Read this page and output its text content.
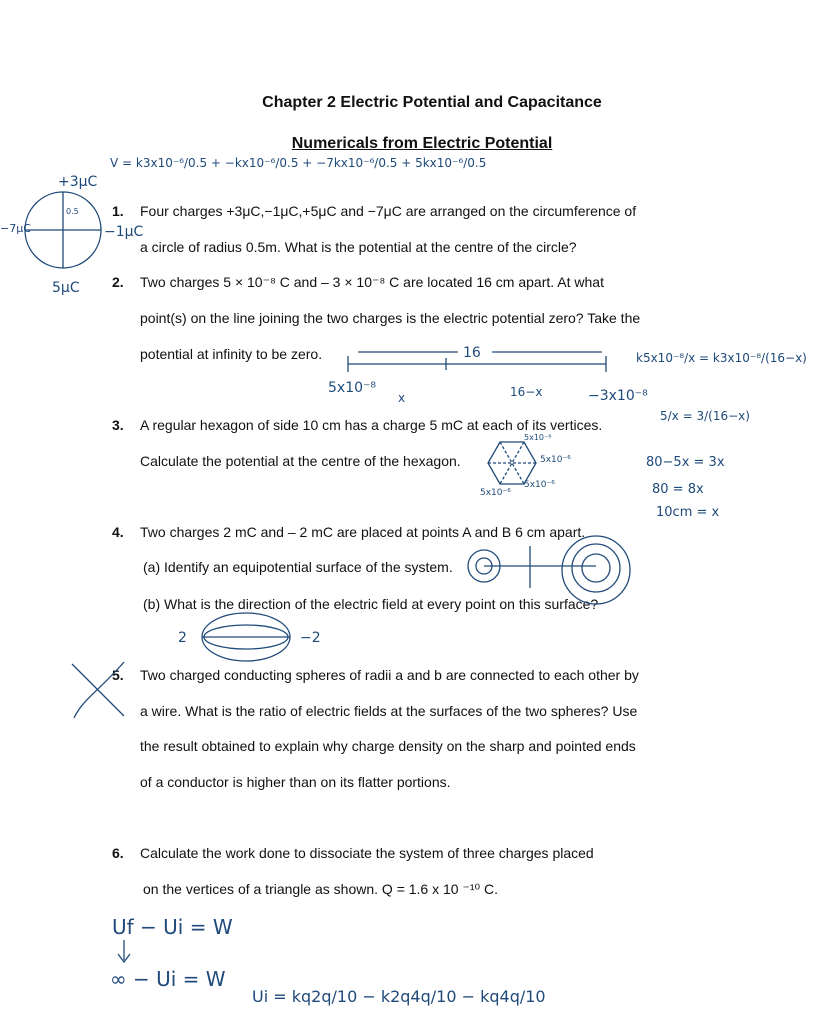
Chapter 2 Electric Potential and Capacitance
Numericals from Electric Potential
1. Four charges +3μC,−1μC,+5μC and −7μC are arranged on the circumference of
a circle of radius 0.5m. What is the potential at the centre of the circle?
2. Two charges 5 × 10⁻⁸ C and – 3 × 10⁻⁸ C are located 16 cm apart. At what
point(s) on the line joining the two charges is the electric potential zero? Take the
potential at infinity to be zero.
3. A regular hexagon of side 10 cm has a charge 5 mC at each of its vertices.
Calculate the potential at the centre of the hexagon.
4. Two charges 2 mC and – 2 mC are placed at points A and B 6 cm apart.
(a) Identify an equipotential surface of the system.
(b) What is the direction of the electric field at every point on this surface?
5. Two charged conducting spheres of radii a and b are connected to each other by
a wire. What is the ratio of electric fields at the surfaces of the two spheres? Use
the result obtained to explain why charge density on the sharp and pointed ends
of a conductor is higher than on its flatter portions.
6. Calculate the work done to dissociate the system of three charges placed
on the vertices of a triangle as shown. Q = 1.6 x 10 ⁻¹⁰ C.
V = k3x10⁻⁶/0.5 + −kx10⁻⁶/0.5 + −7kx10⁻⁶/0.5 + 5kx10⁻⁶/0.5
+3μC
−7μC	−1μC
5μC
0.5
16
5x10⁻⁸
x	16−x	−3x10⁻⁸
k5x10⁻⁸/x = k3x10⁻⁸/(16−x)
5/x = 3/(16−x)
80−5x = 3x
80 = 8x
10cm = x
5x10⁻⁶
5x10⁻⁶
5x10⁻⁶
5x10⁻⁶
2	−2
Uf − Ui = W
∞ − Ui = W
Ui = kq2q/10 − k2q4q/10 − kq4q/10
